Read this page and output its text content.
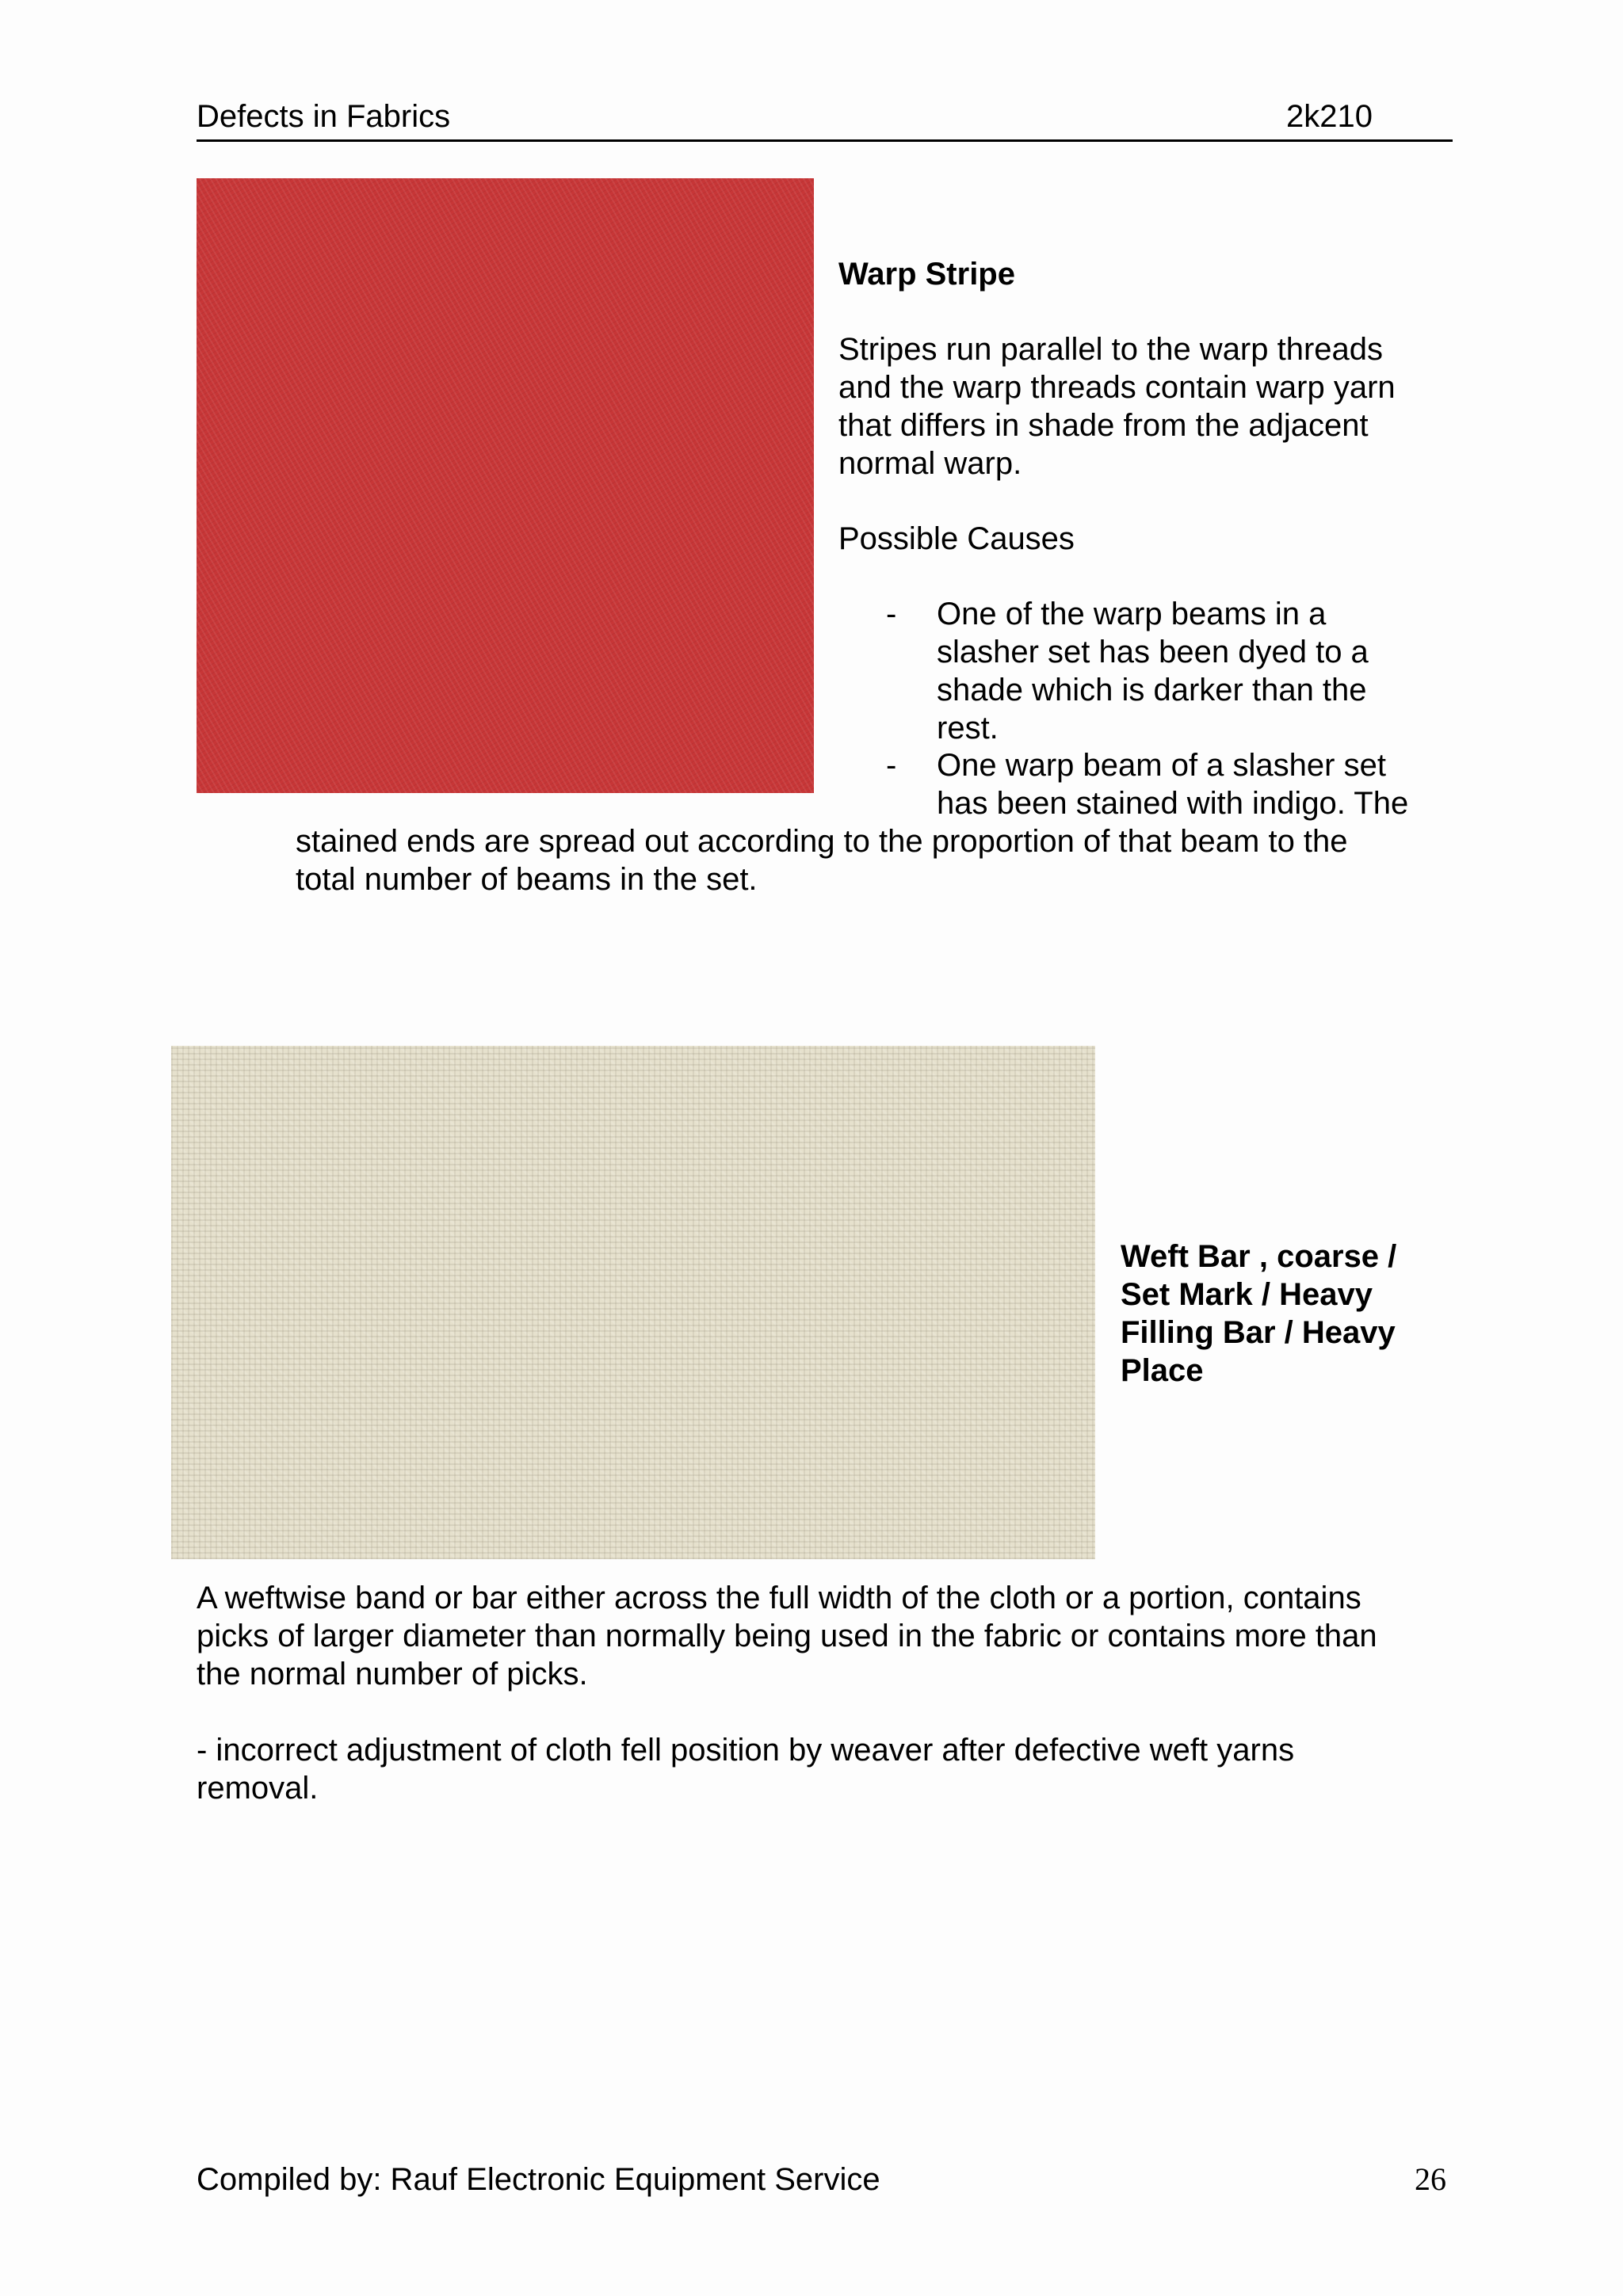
Defects in Fabrics	2k210
Warp Stripe
Stripes run parallel to the warp threads
and the warp threads contain warp yarn
that differs in shade from the adjacent
normal warp.
Possible Causes
- One of the warp beams in a
slasher set has been dyed to a
shade which is darker than the
rest.
- One warp beam of a slasher set
has been stained with indigo. The
stained ends are spread out according to the proportion of that beam to the
total number of beams in the set.
Weft Bar , coarse /
Set Mark / Heavy
Filling Bar / Heavy
Place
A weftwise band or bar either across the full width of the cloth or a portion, contains
picks of larger diameter than normally being used in the fabric or contains more than
the normal number of picks.
- incorrect adjustment of cloth fell position by weaver after defective weft yarns
removal.
Compiled by: Rauf Electronic Equipment Service	26
